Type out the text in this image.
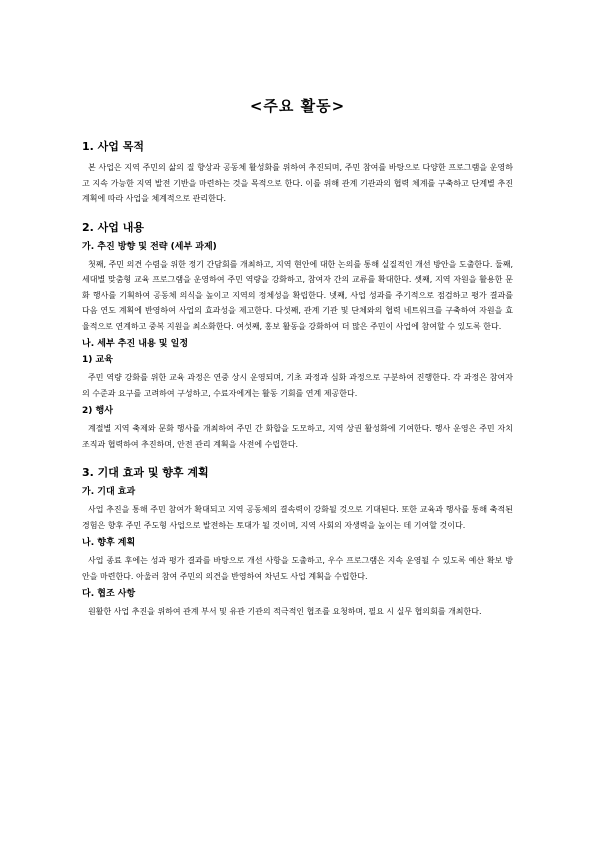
<주요 활동>
1. 사업 목적
본 사업은 지역 주민의 삶의 질 향상과 공동체 활성화를 위하여 추진되며, 주민 참여를 바탕으로 다양한 프로그램을 운영하고 지속 가능한 지역 발전 기반을 마련하는 것을 목적으로 한다. 이를 위해 관계 기관과의 협력 체계를 구축하고 단계별 추진 계획에 따라 사업을 체계적으로 관리한다.
2. 사업 내용
가. 추진 방향 및 전략 (세부 과제)
첫째, 주민 의견 수렴을 위한 정기 간담회를 개최하고, 지역 현안에 대한 논의를 통해 실질적인 개선 방안을 도출한다. 둘째, 세대별 맞춤형 교육 프로그램을 운영하여 주민 역량을 강화하고, 참여자 간의 교류를 확대한다. 셋째, 지역 자원을 활용한 문화 행사를 기획하여 공동체 의식을 높이고 지역의 정체성을 확립한다. 넷째, 사업 성과를 주기적으로 점검하고 평가 결과를 다음 연도 계획에 반영하여 사업의 효과성을 제고한다. 다섯째, 관계 기관 및 단체와의 협력 네트워크를 구축하여 자원을 효율적으로 연계하고 중복 지원을 최소화한다. 여섯째, 홍보 활동을 강화하여 더 많은 주민이 사업에 참여할 수 있도록 한다.
나. 세부 추진 내용 및 일정
1) 교육
주민 역량 강화를 위한 교육 과정은 연중 상시 운영되며, 기초 과정과 심화 과정으로 구분하여 진행한다. 각 과정은 참여자의 수준과 요구를 고려하여 구성하고, 수료자에게는 활동 기회를 연계 제공한다.
2) 행사
계절별 지역 축제와 문화 행사를 개최하여 주민 간 화합을 도모하고, 지역 상권 활성화에 기여한다. 행사 운영은 주민 자치 조직과 협력하여 추진하며, 안전 관리 계획을 사전에 수립한다.
3. 기대 효과 및 향후 계획
가. 기대 효과
사업 추진을 통해 주민 참여가 확대되고 지역 공동체의 결속력이 강화될 것으로 기대된다. 또한 교육과 행사를 통해 축적된 경험은 향후 주민 주도형 사업으로 발전하는 토대가 될 것이며, 지역 사회의 자생력을 높이는 데 기여할 것이다.
나. 향후 계획
사업 종료 후에는 성과 평가 결과를 바탕으로 개선 사항을 도출하고, 우수 프로그램은 지속 운영될 수 있도록 예산 확보 방안을 마련한다. 아울러 참여 주민의 의견을 반영하여 차년도 사업 계획을 수립한다.
다. 협조 사항
원활한 사업 추진을 위하여 관계 부서 및 유관 기관의 적극적인 협조를 요청하며, 필요 시 실무 협의회를 개최한다.
